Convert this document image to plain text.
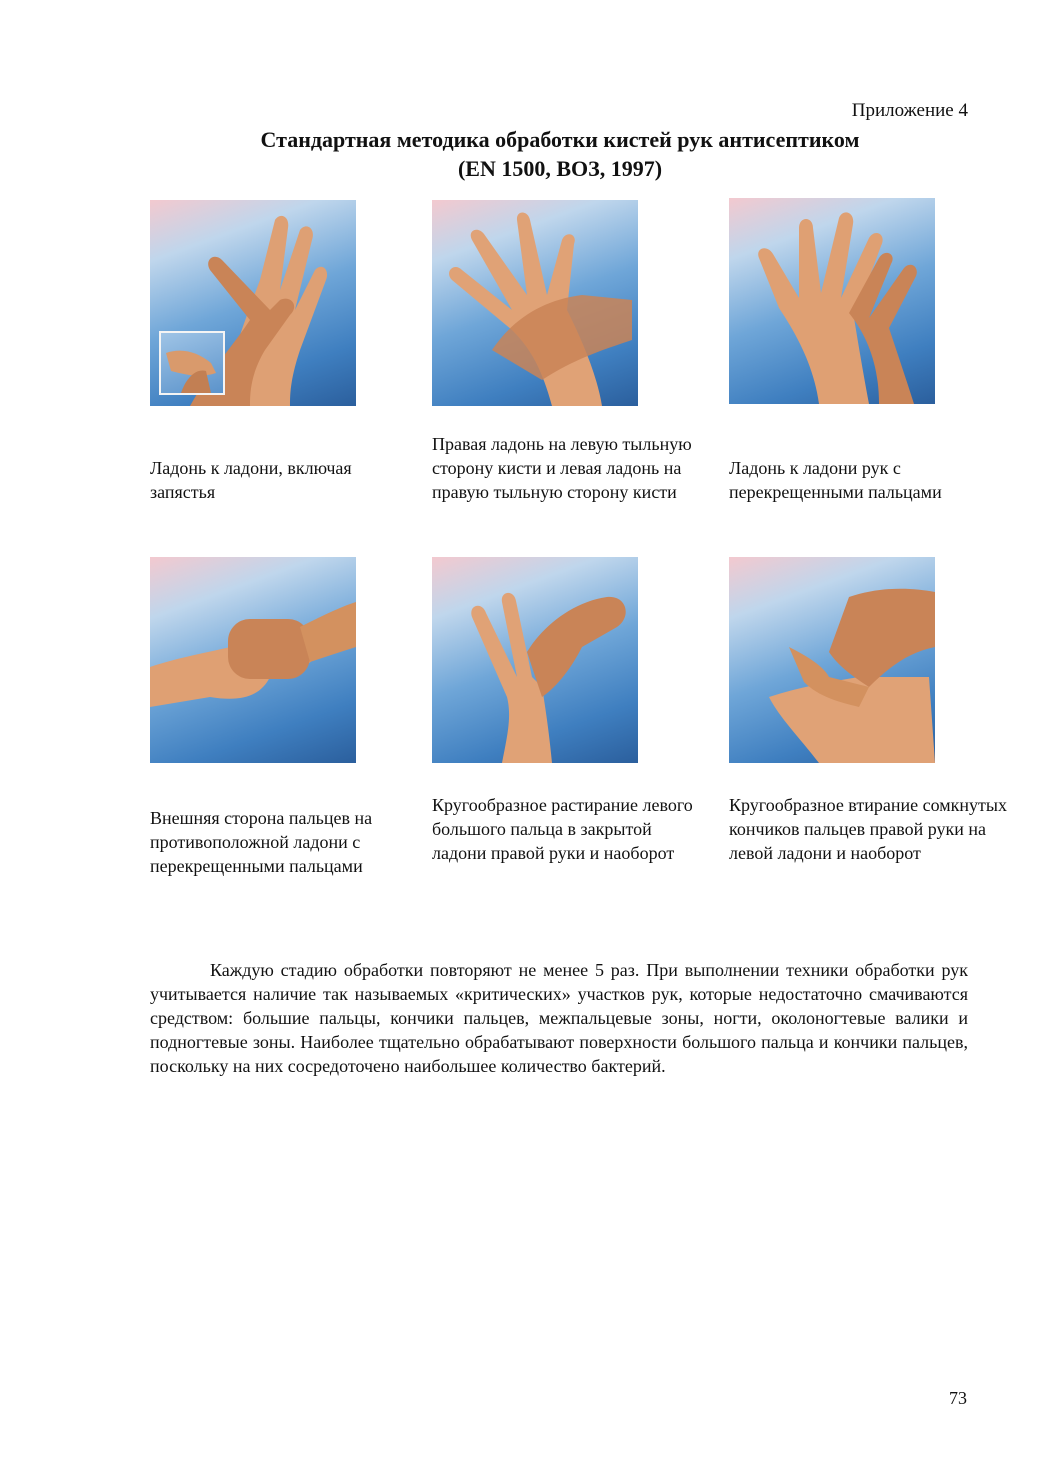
Приложение 4
Стандартная методика обработки кистей рук антисептиком
(EN 1500, ВОЗ, 1997)
Ладонь к ладони, включая запястья
Правая ладонь на левую тыльную сторону кисти и левая ладонь на правую тыльную сторону кисти
Ладонь к ладони рук с перекрещенными пальцами
Внешняя сторона пальцев на противоположной ладони с перекрещенными пальцами
Кругообразное растирание левого большого пальца в закрытой ладони правой руки и наоборот
Кругообразное втирание сомкнутых кончиков пальцев правой руки на левой ладони и наоборот

Каждую стадию обработки повторяют не менее 5 раз. При выполнении техники обработки рук учитывается наличие так называемых «критических» участков рук, которые недостаточно смачиваются средством: большие пальцы, кончики пальцев, межпальцевые зоны, ногти, околоногтевые валики и подногтевые зоны. Наиболее тщательно обрабатывают поверхности большого пальца и кончики пальцев, поскольку на них сосредоточено наибольшее количество бактерий.

73
